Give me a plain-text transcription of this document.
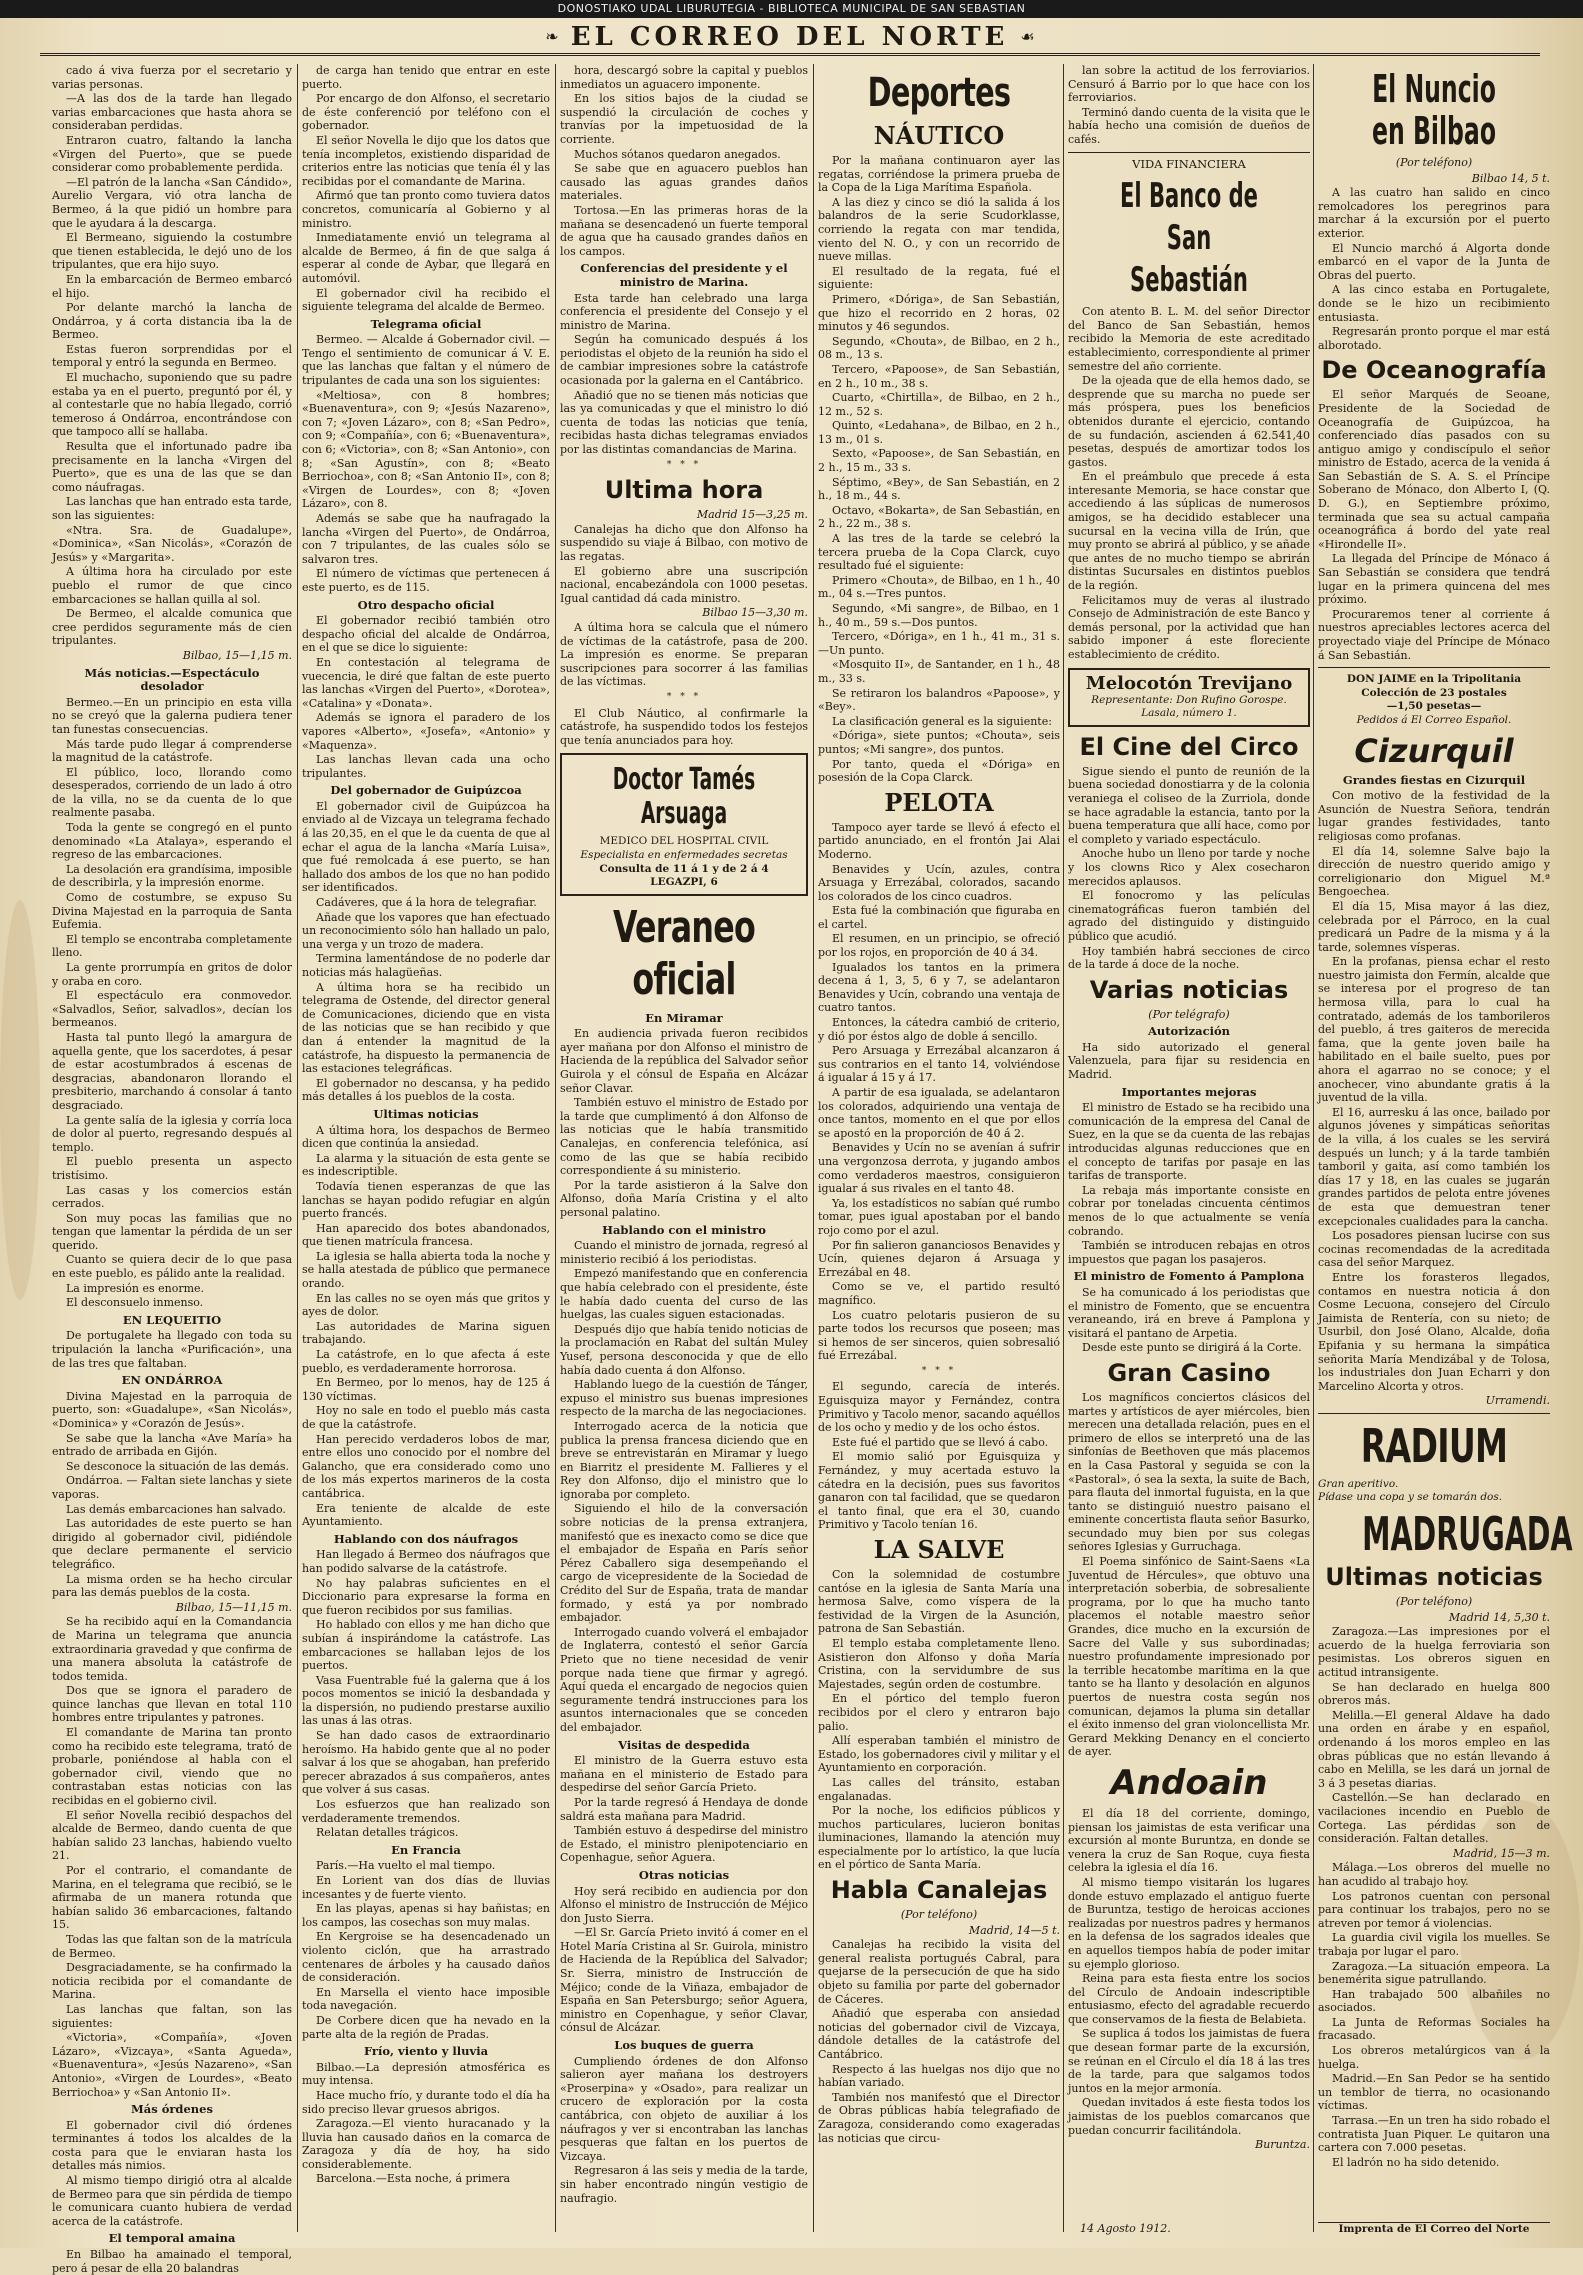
DONOSTIAKO UDAL LIBURUTEGIA - BIBLIOTECA MUNICIPAL DE SAN SEBASTIAN
❧ EL CORREO DEL NORTE ☙

cado á viva fuerza por el secretario y varias personas.

—A las dos de la tarde han llegado varias embarcaciones que hasta ahora se consideraban perdidas.

Entraron cuatro, faltando la lancha «Virgen del Puerto», que se puede considerar como probablemente perdida.

—El patrón de la lancha «San Cándido», Aurelio Vergara, vió otra lancha de Bermeo, á la que pidió un hombre para que le ayudara á la descarga.

El Bermeano, siguiendo la costumbre que tienen establecida, le dejó uno de los tripulantes, que era hijo suyo.

En la embarcación de Bermeo embarcó el hijo.

Por delante marchó la lancha de Ondárroa, y á corta distancia iba la de Bermeo.

Estas fueron sorprendidas por el temporal y entró la segunda en Bermeo.

El muchacho, suponiendo que su padre estaba ya en el puerto, preguntó por él, y al contestarle que no había llegado, corrió temeroso á Ondárroa, encontrándose con que tampoco allí se hallaba.

Resulta que el infortunado padre iba precisamente en la lancha «Virgen del Puerto», que es una de las que se dan como náufragas.

Las lanchas que han entrado esta tarde, son las siguientes:

«Ntra. Sra. de Guadalupe», «Dominica», «San Nicolás», «Corazón de Jesús» y «Margarita».

A última hora ha circulado por este pueblo el rumor de que cinco embarcaciones se hallan quilla al sol.

De Bermeo, el alcalde comunica que cree perdidos seguramente más de cien tripulantes.

Bilbao, 15—1,15 m.

Más noticias.—Espectáculo desolador

Bermeo.—En un principio en esta villa no se creyó que la galerna pudiera tener tan funestas consecuencias.

Más tarde pudo llegar á comprenderse la magnitud de la catástrofe.

El público, loco, llorando como desesperados, corriendo de un lado á otro de la villa, no se da cuenta de lo que realmente pasaba.

Toda la gente se congregó en el punto denominado «La Atalaya», esperando el regreso de las embarcaciones.

La desolación era grandísima, imposible de describirla, y la impresión enorme.

Como de costumbre, se expuso Su Divina Majestad en la parroquia de Santa Eufemia.

El templo se encontraba completamente lleno.

La gente prorrumpía en gritos de dolor y oraba en coro.

El espectáculo era conmovedor. «Salvadlos, Señor, salvadlos», decían los bermeanos.

Hasta tal punto llegó la amargura de aquella gente, que los sacerdotes, á pesar de estar acostumbrados á escenas de desgracias, abandonaron llorando el presbiterio, marchando á consolar á tanto desgraciado.

La gente salía de la iglesia y corría loca de dolor al puerto, regresando después al templo.

El pueblo presenta un aspecto tristísimo.

Las casas y los comercios están cerrados.

Son muy pocas las familias que no tengan que lamentar la pérdida de un ser querido.

Cuanto se quiera decir de lo que pasa en este pueblo, es pálido ante la realidad.

La impresión es enorme.

El desconsuelo inmenso.

EN LEQUEITIO

De portugalete ha llegado con toda su tripulación la lancha «Purificación», una de las tres que faltaban.

EN ONDÁRROA

Divina Majestad en la parroquia de puerto, son: «Guadalupe», «San Nicolás», «Dominica» y «Corazón de Jesús».

Se sabe que la lancha «Ave María» ha entrado de arribada en Gijón.

Se desconoce la situación de las demás.

Ondárroa. — Faltan siete lanchas y siete vaporas.

Las demás embarcaciones han salvado.

Las autoridades de este puerto se han dirigido al gobernador civil, pidiéndole que declare permanente el servicio telegráfico.

La misma orden se ha hecho circular para las demás pueblos de la costa.

Bilbao, 15—11,15 m.

Se ha recibido aquí en la Comandancia de Marina un telegrama que anuncia extraordinaria gravedad y que confirma de una manera absoluta la catástrofe de todos temida.

Dos que se ignora el paradero de quince lanchas que llevan en total 110 hombres entre tripulantes y patrones.

El comandante de Marina tan pronto como ha recibido este telegrama, trató de probarle, poniéndose al habla con el gobernador civil, viendo que no contrastaban estas noticias con las recibidas en el gobierno civil.

El señor Novella recibió despachos del alcalde de Bermeo, dando cuenta de que habían salido 23 lanchas, habiendo vuelto 21.

Por el contrario, el comandante de Marina, en el telegrama que recibió, se le afirmaba de un manera rotunda que habían salido 36 embarcaciones, faltando 15.

Todas las que faltan son de la matrícula de Bermeo.

Desgraciadamente, se ha confirmado la noticia recibida por el comandante de Marina.

Las lanchas que faltan, son las siguientes:

«Victoria», «Compañía», «Joven Lázaro», «Vizcaya», «Santa Agueda», «Buenaventura», «Jesús Nazareno», «San Antonio», «Virgen de Lourdes», «Beato Berriochoa» y «San Antonio II».

Más órdenes

El gobernador civil dió órdenes terminantes á todos los alcaldes de la costa para que le enviaran hasta los detalles más nimios.

Al mismo tiempo dirigió otra al alcalde de Bermeo para que sin pérdida de tiempo le comunicara cuanto hubiera de verdad acerca de la catástrofe.

El temporal amaina

En Bilbao ha amainado el temporal, pero á pesar de ella 20 balandras

de carga han tenido que entrar en este puerto.

Por encargo de don Alfonso, el secretario de éste conferenció por teléfono con el gobernador.

El señor Novella le dijo que los datos que tenía incompletos, existiendo disparidad de criterios entre las noticias que tenía él y las recibidas por el comandante de Marina.

Afirmó que tan pronto como tuviera datos concretos, comunicaría al Gobierno y al ministro.

Inmediatamente envió un telegrama al alcalde de Bermeo, á fin de que salga á esperar al conde de Aybar, que llegará en automóvil.

El gobernador civil ha recibido el siguiente telegrama del alcalde de Bermeo.

Telegrama oficial

Bermeo. — Alcalde á Gobernador civil. — Tengo el sentimiento de comunicar á V. E. que las lanchas que faltan y el número de tripulantes de cada una son los siguientes:

«Meltiosa», con 8 hombres; «Buenaventura», con 9; «Jesús Nazareno», con 7; «Joven Lázaro», con 8; «San Pedro», con 9; «Compañía», con 6; «Buenaventura», con 6; «Victoria», con 8; «San Antonio», con 8; «San Agustín», con 8; «Beato Berriochoa», con 8; «San Antonio II», con 8; «Virgen de Lourdes», con 8; «Joven Lázaro», con 8.

Además se sabe que ha naufragado la lancha «Virgen del Puerto», de Ondárroa, con 7 tripulantes, de las cuales sólo se salvaron tres.

El número de víctimas que pertenecen á este puerto, es de 115.

Otro despacho oficial

El gobernador recibió también otro despacho oficial del alcalde de Ondárroa, en el que se dice lo siguiente:

En contestación al telegrama de vuecencia, le diré que faltan de este puerto las lanchas «Virgen del Puerto», «Dorotea», «Catalina» y «Donata».

Además se ignora el paradero de los vapores «Alberto», «Josefa», «Antonio» y «Maquenza».

Las lanchas llevan cada una ocho tripulantes.

Del gobernador de Guipúzcoa

El gobernador civil de Guipúzcoa ha enviado al de Vizcaya un telegrama fechado á las 20,35, en el que le da cuenta de que al echar el agua de la lancha «María Luisa», que fué remolcada á ese puerto, se han hallado dos ambos de los que no han podido ser identificados.

Cadáveres, que á la hora de telegrafiar.

Añade que los vapores que han efectuado un reconocimiento sólo han hallado un palo, una verga y un trozo de madera.

Termina lamentándose de no poderle dar noticias más halagüeñas.

A última hora se ha recibido un telegrama de Ostende, del director general de Comunicaciones, diciendo que en vista de las noticias que se han recibido y que dan á entender la magnitud de la catástrofe, ha dispuesto la permanencia de las estaciones telegráficas.

El gobernador no descansa, y ha pedido más detalles á los pueblos de la costa.

Ultimas noticias

A última hora, los despachos de Bermeo dicen que continúa la ansiedad.

La alarma y la situación de esta gente se es indescriptible.

Todavía tienen esperanzas de que las lanchas se hayan podido refugiar en algún puerto francés.

Han aparecido dos botes abandonados, que tienen matrícula francesa.

La iglesia se halla abierta toda la noche y se halla atestada de público que permanece orando.

En las calles no se oyen más que gritos y ayes de dolor.

Las autoridades de Marina siguen trabajando.

La catástrofe, en lo que afecta á este pueblo, es verdaderamente horrorosa.

En Bermeo, por lo menos, hay de 125 á 130 víctimas.

Hoy no sale en todo el pueblo más casta de que la catástrofe.

Han perecido verdaderos lobos de mar, entre ellos uno conocido por el nombre del Galancho, que era considerado como uno de los más expertos marineros de la costa cantábrica.

Era teniente de alcalde de este Ayuntamiento.

Hablando con dos náufragos

Han llegado á Bermeo dos náufragos que han podido salvarse de la catástrofe.

No hay palabras suficientes en el Diccionario para expresarse la forma en que fueron recibidos por sus familias.

Ho hablado con ellos y me han dicho que subían á inspirándome la catástrofe. Las embarcaciones se hallaban lejos de los puertos.

Vasa Fuentrable fué la galerna que á los pocos momentos se inició la desbandada y la dispersión, no pudiendo prestarse auxilio las unas á las otras.

Se han dado casos de extraordinario heroísmo. Ha habido gente que al no poder salvar á los que se ahogaban, han preferido perecer abrazados á sus compañeros, antes que volver á sus casas.

Los esfuerzos que han realizado son verdaderamente tremendos.

Relatan detalles trágicos.

En Francia

París.—Ha vuelto el mal tiempo.

En Lorient van dos días de lluvias incesantes y de fuerte viento.

En las playas, apenas si hay bañistas; en los campos, las cosechas son muy malas.

En Kergroise se ha desencadenado un violento ciclón, que ha arrastrado centenares de árboles y ha causado daños de consideración.

En Marsella el viento hace imposible toda navegación.

De Corbere dicen que ha nevado en la parte alta de la región de Pradas.

Frío, viento y lluvia

Bilbao.—La depresión atmosférica es muy intensa.

Hace mucho frío, y durante todo el día ha sido preciso llevar gruesos abrigos.

Zaragoza.—El viento huracanado y la lluvia han causado daños en la comarca de Zaragoza y día de hoy, ha sido considerablemente.

Barcelona.—Esta noche, á primera

hora, descargó sobre la capital y pueblos inmediatos un aguacero imponente.

En los sitios bajos de la ciudad se suspendió la circulación de coches y tranvías por la impetuosidad de la corriente.

Muchos sótanos quedaron anegados.

Se sabe que en aguacero pueblos han causado las aguas grandes daños materiales.

Tortosa.—En las primeras horas de la mañana se desencadenó un fuerte temporal de agua que ha causado grandes daños en los campos.

Conferencias del presidente y el ministro de Marina.

Esta tarde han celebrado una larga conferencia el presidente del Consejo y el ministro de Marina.

Según ha comunicado después á los periodistas el objeto de la reunión ha sido el de cambiar impresiones sobre la catástrofe ocasionada por la galerna en el Cantábrico.

Añadió que no se tienen más noticias que las ya comunicadas y que el ministro lo dió cuenta de todas las noticias que tenía, recibidas hasta dichas telegramas enviados por las distintas comandancias de Marina.

* * *
Ultima hora

Madrid 15—3,25 m.

Canalejas ha dicho que don Alfonso ha suspendido su viaje á Bilbao, con motivo de las regatas.

El gobierno abre una suscripción nacional, encabezándola con 1000 pesetas. Igual cantidad dá cada ministro.

Bilbao 15—3,30 m.

A última hora se calcula que el número de víctimas de la catástrofe, pasa de 200. La impresión es enorme. Se preparan suscripciones para socorrer á las familias de las víctimas.

* * *

El Club Náutico, al confirmarle la catástrofe, ha suspendido todos los festejos que tenía anunciados para hoy.

Doctor Tamés Arsuaga
MEDICO DEL HOSPITAL CIVIL
Especialista en enfermedades secretas
Consulta de 11 á 1 y de 2 á 4
LEGAZPI, 6
Veraneo oficial
En Miramar

En audiencia privada fueron recibidos ayer mañana por don Alfonso el ministro de Hacienda de la república del Salvador señor Guirola y el cónsul de España en Alcázar señor Clavar.

También estuvo el ministro de Estado por la tarde que cumplimentó á don Alfonso de las noticias que le había transmitido Canalejas, en conferencia telefónica, así como de las que se había recibido correspondiente á su ministerio.

Por la tarde asistieron á la Salve don Alfonso, doña María Cristina y el alto personal palatino.

Hablando con el ministro

Cuando el ministro de jornada, regresó al ministerio recibió á los periodistas.

Empezó manifestando que en conferencia que había celebrado con el presidente, éste le había dado cuenta del curso de las huelgas, las cuales siguen estacionadas.

Después dijo que había tenido noticias de la proclamación en Rabat del sultán Muley Yusef, persona desconocida y que de ello había dado cuenta á don Alfonso.

Hablando luego de la cuestión de Tánger, expuso el ministro sus buenas impresiones respecto de la marcha de las negociaciones.

Interrogado acerca de la noticia que publica la prensa francesa diciendo que en breve se entrevistarán en Miramar y luego en Biarritz el presidente M. Fallieres y el Rey don Alfonso, dijo el ministro que lo ignoraba por completo.

Siguiendo el hilo de la conversación sobre noticias de la prensa extranjera, manifestó que es inexacto como se dice que el embajador de España en París señor Pérez Caballero siga desempeñando el cargo de vicepresidente de la Sociedad de Crédito del Sur de España, trata de mandar formado, y está ya por nombrado embajador.

Interrogado cuando volverá el embajador de Inglaterra, contestó el señor García Prieto que no tiene necesidad de venir porque nada tiene que firmar y agregó. Aquí queda el encargado de negocios quien seguramente tendrá instrucciones para los asuntos internacionales que se conceden del embajador.

Visitas de despedida

El ministro de la Guerra estuvo esta mañana en el ministerio de Estado para despedirse del señor García Prieto.

Por la tarde regresó á Hendaya de donde saldrá esta mañana para Madrid.

También estuvo á despedirse del ministro de Estado, el ministro plenipotenciario en Copenhague, señor Aguera.

Otras noticias

Hoy será recibido en audiencia por don Alfonso el ministro de Instrucción de Méjico don Justo Sierra.

—El Sr. García Prieto invitó á comer en el Hotel María Cristina al Sr. Guirola, ministro de Hacienda de la República del Salvador; Sr. Sierra, ministro de Instrucción de Méjico; conde de la Viñaza, embajador de España en San Petersburgo; señor Aguera, ministro en Copenhague, y señor Clavar, cónsul de Alcázar.

Los buques de guerra

Cumpliendo órdenes de don Alfonso salieron ayer mañana los destroyers «Proserpina» y «Osado», para realizar un crucero de exploración por la costa cantábrica, con objeto de auxiliar á los náufragos y ver si encontraban las lanchas pesqueras que faltan en los puertos de Vizcaya.

Regresaron á las seis y media de la tarde, sin haber encontrado ningún vestigio de naufragio.

Deportes
NÁUTICO

Por la mañana continuaron ayer las regatas, corriéndose la primera prueba de la Copa de la Liga Marítima Española.

A las diez y cinco se dió la salida á los balandros de la serie Scudorklasse, corriendo la regata con mar tendida, viento del N. O., y con un recorrido de nueve millas.

El resultado de la regata, fué el siguiente:

Primero, «Dóriga», de San Sebastián, que hizo el recorrido en 2 horas, 02 minutos y 46 segundos.

Segundo, «Chouta», de Bilbao, en 2 h., 08 m., 13 s.

Tercero, «Papoose», de San Sebastián, en 2 h., 10 m., 38 s.

Cuarto, «Chirtilla», de Bilbao, en 2 h., 12 m., 52 s.

Quinto, «Ledahana», de Bilbao, en 2 h., 13 m., 01 s.

Sexto, «Papoose», de San Sebastián, en 2 h., 15 m., 33 s.

Séptimo, «Bey», de San Sebastián, en 2 h., 18 m., 44 s.

Octavo, «Bokarta», de San Sebastián, en 2 h., 22 m., 38 s.

A las tres de la tarde se celebró la tercera prueba de la Copa Clarck, cuyo resultado fué el siguiente:

Primero «Chouta», de Bilbao, en 1 h., 40 m., 04 s.—Tres puntos.

Segundo, «Mi sangre», de Bilbao, en 1 h., 40 m., 59 s.—Dos puntos.

Tercero, «Dóriga», en 1 h., 41 m., 31 s.—Un punto.

«Mosquito II», de Santander, en 1 h., 48 m., 33 s.

Se retiraron los balandros «Papoose», y «Bey».

La clasificación general es la siguiente:

«Dóriga», siete puntos; «Chouta», seis puntos; «Mi sangre», dos puntos.

Por tanto, queda el «Dóriga» en posesión de la Copa Clarck.

PELOTA

Tampoco ayer tarde se llevó á efecto el partido anunciado, en el frontón Jai Alai Moderno.

Benavides y Ucín, azules, contra Arsuaga y Errezábal, colorados, sacando los colorados de los cinco cuadros.

Esta fué la combinación que figuraba en el cartel.

El resumen, en un principio, se ofreció por los rojos, en proporción de 40 á 34.

Igualados los tantos en la primera decena á 1, 3, 5, 6 y 7, se adelantaron Benavides y Ucín, cobrando una ventaja de cuatro tantos.

Entonces, la cátedra cambió de criterio, y dió por éstos algo de doble á sencillo.

Pero Arsuaga y Errezábal alcanzaron á sus contrarios en el tanto 14, volviéndose á igualar á 15 y á 17.

A partir de esa igualada, se adelantaron los colorados, adquiriendo una ventaja de once tantos, momento en el que por ellos se apostó en la proporción de 40 á 2.

Benavides y Ucín no se avenían á sufrir una vergonzosa derrota, y jugando ambos como verdaderos maestros, consiguieron igualar á sus rivales en el tanto 48.

Ya, los estadísticos no sabían qué rumbo tomar, pues igual apostaban por el bando rojo como por el azul.

Por fin salieron gananciosos Benavides y Ucín, quienes dejaron á Arsuaga y Errezábal en 48.

Como se ve, el partido resultó magnífico.

Los cuatro pelotaris pusieron de su parte todos los recursos que poseen; mas si hemos de ser sinceros, quien sobresalió fué Errezábal.

* * *

El segundo, carecía de interés. Eguisquiza mayor y Fernández, contra Primitivo y Tacolo menor, sacando aquéllos de los ocho y medio y de los ocho éstos.

Este fué el partido que se llevó á cabo.

El momio salió por Eguisquiza y Fernández, y muy acertada estuvo la cátedra en la decisión, pues sus favoritos ganaron con tal facilidad, que se quedaron el tanto final, que era el 30, cuando Primitivo y Tacolo tenían 16.

LA SALVE

Con la solemnidad de costumbre cantóse en la iglesia de Santa María una hermosa Salve, como víspera de la festividad de la Virgen de la Asunción, patrona de San Sebastián.

El templo estaba completamente lleno. Asistieron don Alfonso y doña María Cristina, con la servidumbre de sus Majestades, según orden de costumbre.

En el pórtico del templo fueron recibidos por el clero y entraron bajo palio.

Allí esperaban también el ministro de Estado, los gobernadores civil y militar y el Ayuntamiento en corporación.

Las calles del tránsito, estaban engalanadas.

Por la noche, los edificios públicos y muchos particulares, lucieron bonitas iluminaciones, llamando la atención muy especialmente por lo artístico, la que lucía en el pórtico de Santa María.

Habla Canalejas
(Por teléfono)

Madrid, 14—5 t.

Canalejas ha recibido la visita del general realista portugués Cabral, para quejarse de la persecución de que ha sido objeto su familia por parte del gobernador de Cáceres.

Añadió que esperaba con ansiedad noticias del gobernador civil de Vizcaya, dándole detalles de la catástrofe del Cantábrico.

Respecto á las huelgas nos dijo que no habían variado.

También nos manifestó que el Director de Obras públicas había telegrafiado de Zaragoza, considerando como exageradas las noticias que circu-

lan sobre la actitud de los ferroviarios. Censuró á Barrio por lo que hace con los ferroviarios.

Terminó dando cuenta de la visita que le había hecho una comisión de dueños de cafés.

VIDA FINANCIERA
El Banco de San Sebastián

Con atento B. L. M. del señor Director del Banco de San Sebastián, hemos recibido la Memoria de este acreditado establecimiento, correspondiente al primer semestre del año corriente.

De la ojeada que de ella hemos dado, se desprende que su marcha no puede ser más próspera, pues los beneficios obtenidos durante el ejercicio, contando de su fundación, ascienden á 62.541,40 pesetas, después de amortizar todos los gastos.

En el preámbulo que precede á esta interesante Memoria, se hace constar que accediendo á las súplicas de numerosos amigos, se ha decidido establecer una sucursal en la vecina villa de Irún, que muy pronto se abrirá al público, y se añade que antes de no mucho tiempo se abrirán distintas Sucursales en distintos pueblos de la región.

Felicitamos muy de veras al ilustrado Consejo de Administración de este Banco y demás personal, por la actividad que han sabido imponer á este floreciente establecimiento de crédito.

Melocotón Trevijano
Representante: Don Rufino Gorospe.
Lasala, número 1.
El Cine del Circo

Sigue siendo el punto de reunión de la buena sociedad donostiarra y de la colonia veraniega el coliseo de la Zurriola, donde se hace agradable la estancia, tanto por la buena temperatura que allí hace, como por el completo y variado espectáculo.

Anoche hubo un lleno por tarde y noche y los clowns Rico y Alex cosecharon merecidos aplausos.

El fonocromo y las películas cinematográficas fueron también del agrado del distinguido y distinguido público que acudió.

Hoy también habrá secciones de circo de la tarde á doce de la noche.

Varias noticias
(Por telégrafo)
Autorización

Ha sido autorizado el general Valenzuela, para fijar su residencia en Madrid.

Importantes mejoras

El ministro de Estado se ha recibido una comunicación de la empresa del Canal de Suez, en la que se da cuenta de las rebajas introducidas algunas reducciones que en el concepto de tarifas por pasaje en las tarifas de transporte.

La rebaja más importante consiste en cobrar por toneladas cincuenta céntimos menos de lo que actualmente se venía cobrando.

También se introducen rebajas en otros impuestos que pagan los pasajeros.

El ministro de Fomento á Pamplona

Se ha comunicado á los periodistas que el ministro de Fomento, que se encuentra veraneando, irá en breve á Pamplona y visitará el pantano de Arpetia.

Desde este punto se dirigirá á la Corte.

Gran Casino

Los magníficos conciertos clásicos del martes y artísticos de ayer miércoles, bien merecen una detallada relación, pues en el primero de ellos se interpretó una de las sinfonías de Beethoven que más placemos en la Casa Pastoral y seguida se con la «Pastoral», ó sea la sexta, la suite de Bach, para flauta del inmortal fuguista, en la que tanto se distinguió nuestro paisano el eminente concertista flauta señor Basurko, secundado muy bien por sus colegas señores Iglesias y Gurruchaga.

El Poema sinfónico de Saint-Saens «La Juventud de Hércules», que obtuvo una interpretación soberbia, de sobresaliente programa, por lo que ha mucho tanto placemos el notable maestro señor Grandes, dice mucho en la excursión de Sacre del Valle y sus subordinadas; nuestro profundamente impresionado por la terrible hecatombe marítima en la que tanto se ha llanto y desolación en algunos puertos de nuestra costa según nos comunican, dejamos la pluma sin detallar el éxito inmenso del gran violoncellista Mr. Gerard Mekking Denancy en el concierto de ayer.

Andoain

El día 18 del corriente, domingo, piensan los jaimistas de esta verificar una excursión al monte Buruntza, en donde se venera la cruz de San Roque, cuya fiesta celebra la iglesia el día 16.

Al mismo tiempo visitarán los lugares donde estuvo emplazado el antiguo fuerte de Buruntza, testigo de heroicas acciones realizadas por nuestros padres y hermanos en la defensa de los sagrados ideales que en aquellos tiempos había de poder imitar su ejemplo glorioso.

Reina para esta fiesta entre los socios del Círculo de Andoain indescriptible entusiasmo, efecto del agradable recuerdo que conservamos de la fiesta de Belabieta.

Se suplica á todos los jaimistas de fuera que desean formar parte de la excursión, se reúnan en el Círculo el día 18 á las tres de la tarde, para que salgamos todos juntos en la mejor armonía.

Quedan invitados á este fiesta todos los jaimistas de los pueblos comarcanos que puedan concurrir facilitándola.

Buruntza.

El Nuncio en Bilbao
(Por teléfono)

Bilbao 14, 5 t.

A las cuatro han salido en cinco remolcadores los peregrinos para marchar á la excursión por el puerto exterior.

El Nuncio marchó á Algorta donde embarcó en el vapor de la Junta de Obras del puerto.

A las cinco estaba en Portugalete, donde se le hizo un recibimiento entusiasta.

Regresarán pronto porque el mar está alborotado.

De Oceanografía

El señor Marqués de Seoane, Presidente de la Sociedad de Oceanografía de Guipúzcoa, ha conferenciado días pasados con su antiguo amigo y condiscípulo el señor ministro de Estado, acerca de la venida á San Sebastián de S. A. S. el Príncipe Soberano de Mónaco, don Alberto I, (Q. D. G.), en Septiembre próximo, terminada que sea su actual campaña oceanográfica á bordo del yate real «Hirondelle II».

La llegada del Príncipe de Mónaco á San Sebastián se considera que tendrá lugar en la primera quincena del mes próximo.

Procuraremos tener al corriente á nuestros apreciables lectores acerca del proyectado viaje del Príncipe de Mónaco á San Sebastián.

DON JAIME en la Tripolitania
Colección de 23 postales
—1,50 pesetas—
Pedidos á El Correo Español.
Cizurquil
Grandes fiestas en Cizurquil

Con motivo de la festividad de la Asunción de Nuestra Señora, tendrán lugar grandes festividades, tanto religiosas como profanas.

El día 14, solemne Salve bajo la dirección de nuestro querido amigo y correligionario don Miguel M.ª Bengoechea.

El día 15, Misa mayor á las diez, celebrada por el Párroco, en la cual predicará un Padre de la misma y á la tarde, solemnes vísperas.

En la profanas, piensa echar el resto nuestro jaimista don Fermín, alcalde que se interesa por el progreso de tan hermosa villa, para lo cual ha contratado, además de los tamborileros del pueblo, á tres gaiteros de merecida fama, que la gente joven baile ha habilitado en el baile suelto, pues por ahora el agarrao no se conoce; y el anochecer, vino abundante gratis á la juventud de la villa.

El 16, aurresku á las once, bailado por algunos jóvenes y simpáticas señoritas de la villa, á los cuales se les servirá después un lunch; y á la tarde también tamboril y gaita, así como también los días 17 y 18, en las cuales se jugarán grandes partidos de pelota entre jóvenes de esta que demuestran tener excepcionales cualidades para la cancha.

Los posadores piensan lucirse con sus cocinas recomendadas de la acreditada casa del señor Marquez.

Entre los forasteros llegados, contamos en nuestra noticia á don Cosme Lecuona, consejero del Círculo Jaimista de Rentería, con su nieto; de Usurbil, don José Olano, Alcalde, doña Epifania y su hermana la simpática señorita María Mendizábal y de Tolosa, los industriales don Juan Echarri y don Marcelino Alcorta y otros.

Urramendi.

RADIUM
Gran aperitivo.
Pídase una copa y se tomarán dos.
MADRUGADA
Ultimas noticias
(Por teléfono)

Madrid 14, 5,30 t.

Zaragoza.—Las impresiones por el acuerdo de la huelga ferroviaria son pesimistas. Los obreros siguen en actitud intransigente.

Se han declarado en huelga 800 obreros más.

Melilla.—El general Aldave ha dado una orden en árabe y en español, ordenando á los moros empleo en las obras públicas que no están llevando á cabo en Melilla, se les dará un jornal de 3 á 3 pesetas diarias.

Castellón.—Se han declarado en vacilaciones incendio en Pueblo de Cortega. Las pérdidas son de consideración. Faltan detalles.

Madrid, 15—3 m.

Málaga.—Los obreros del muelle no han acudido al trabajo hoy.

Los patronos cuentan con personal para continuar los trabajos, pero no se atreven por temor á violencias.

La guardia civil vigila los muelles. Se trabaja por lugar el paro.

Zaragoza.—La situación empeora. La benemérita sigue patrullando.

Han trabajado 500 albañiles no asociados.

La Junta de Reformas Sociales ha fracasado.

Los obreros metalúrgicos van á la huelga.

Madrid.—En San Pedor se ha sentido un temblor de tierra, no ocasionando víctimas.

Tarrasa.—En un tren ha sido robado el contratista Juan Piquer. Le quitaron una cartera con 7.000 pesetas.

El ladrón no ha sido detenido.

14 Agosto 1912.	Imprenta de El Correo del Norte
